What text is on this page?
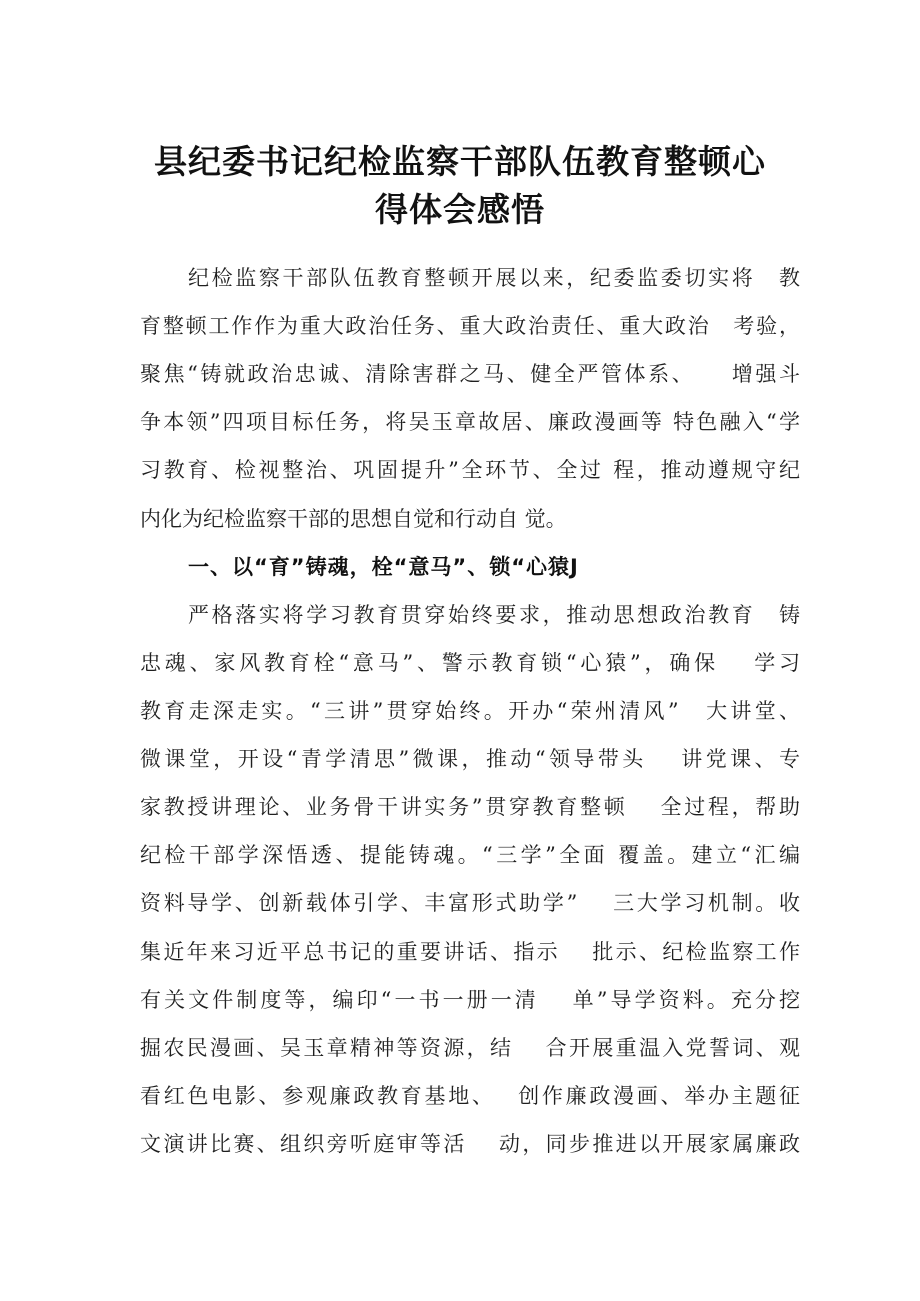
县纪委书记纪检监察干部队伍教育整顿心
得体会感悟
纪检监察干部队伍教育整顿开展以来，纪委监委切实将　教
育整顿工作作为重大政治任务、重大政治责任、重大政治　考验，
聚焦“铸就政治忠诚、清除害群之马、健全严管体系、　　增强斗
争本领”四项目标任务，将吴玉章故居、廉政漫画等 特色融入“学
习教育、检视整治、巩固提升”全环节、全过 程，推动遵规守纪
内化为纪检监察干部的思想自觉和行动自 觉。
一、以“育”铸魂，栓“意马”、锁“心猿J
严格落实将学习教育贯穿始终要求，推动思想政治教育　铸
忠魂、家风教育栓“意马”、警示教育锁“心猿”，确保　 学习
教育走深走实。“三讲”贯穿始终。开办“荣州清风”　大讲堂、
微课堂，开设“青学清思”微课，推动“领导带头　 讲党课、专
家教授讲理论、业务骨干讲实务”贯穿教育整顿　 全过程，帮助
纪检干部学深悟透、提能铸魂。“三学”全面 覆盖。建立“汇编
资料导学、创新载体引学、丰富形式助学”　 三大学习机制。收
集近年来习近平总书记的重要讲话、指示　 批示、纪检监察工作
有关文件制度等，编印“一书一册一清　 单”导学资料。充分挖
掘农民漫画、吴玉章精神等资源，结　 合开展重温入党誓词、观
看红色电影、参观廉政教育基地、　 创作廉政漫画、举办主题征
文演讲比赛、组织旁听庭审等活　 动，同步推进以开展家属廉政
